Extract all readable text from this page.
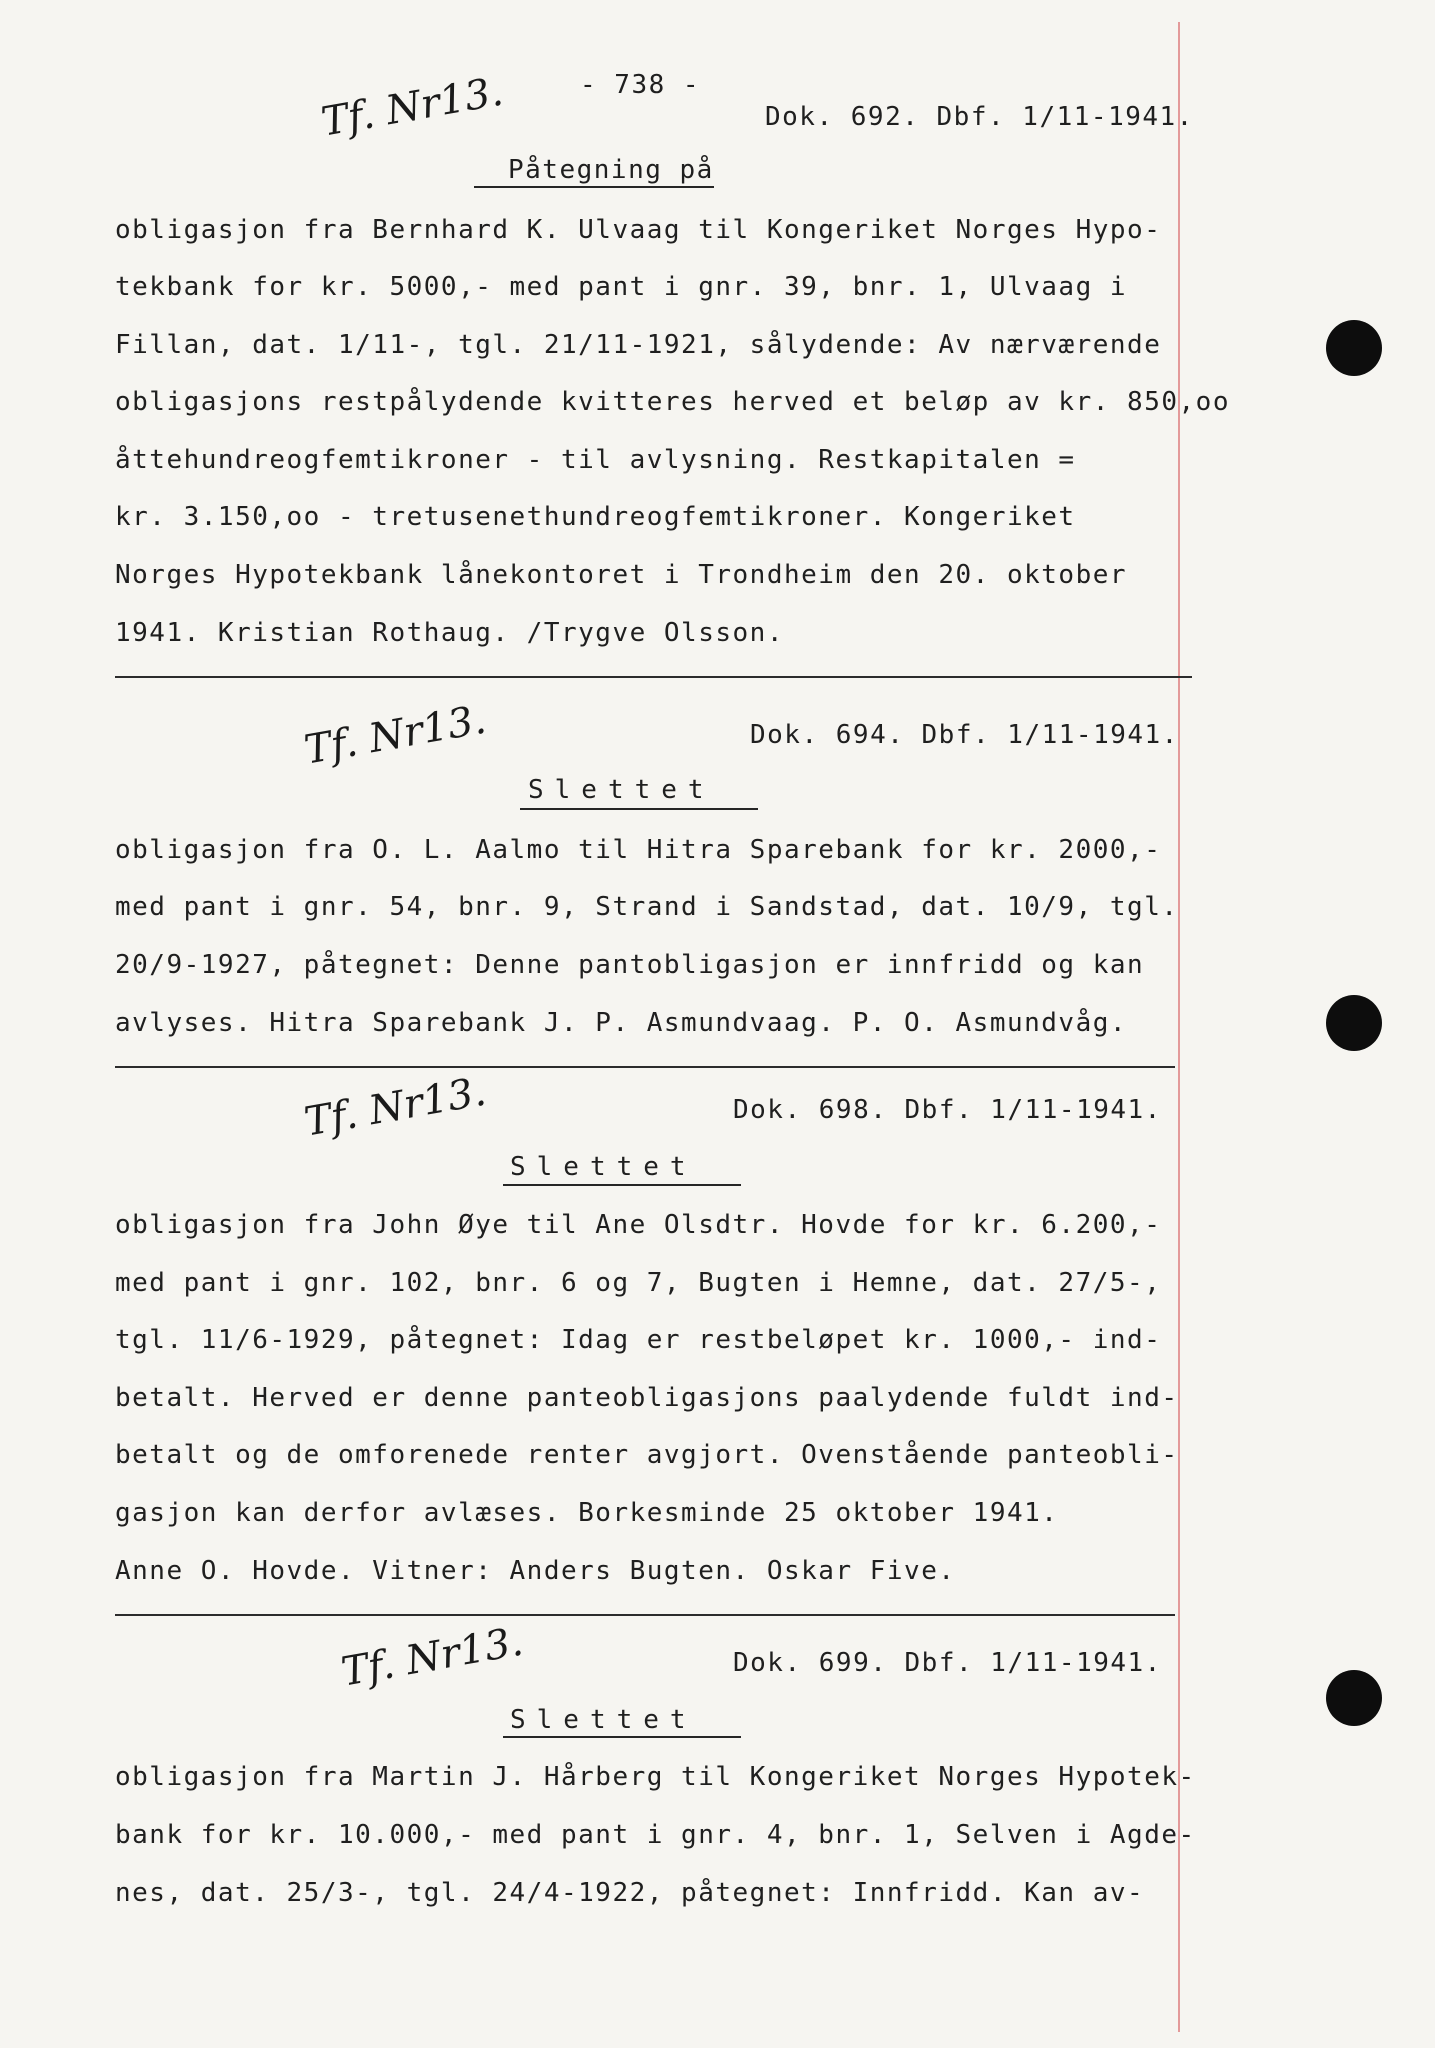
- 738 -
Tf. Nr13.	Dok. 692. Dbf. 1/11-1941.
Påtegning på
obligasjon fra Bernhard K. Ulvaag til Kongeriket Norges Hypo-
tekbank for kr. 5000,- med pant i gnr. 39, bnr. 1, Ulvaag i
Fillan, dat. 1/11-, tgl. 21/11-1921, sålydende: Av nærværende
obligasjons restpålydende kvitteres herved et beløp av kr. 850,oo
åttehundreogfemtikroner - til avlysning. Restkapitalen =
kr. 3.150,oo - tretusenethundreogfemtikroner. Kongeriket
Norges Hypotekbank lånekontoret i Trondheim den 20. oktober
1941. Kristian Rothaug. /Trygve Olsson.
Tf. Nr13.	Dok. 694. Dbf. 1/11-1941.
Slettet
obligasjon fra O. L. Aalmo til Hitra Sparebank for kr. 2000,-
med pant i gnr. 54, bnr. 9, Strand i Sandstad, dat. 10/9, tgl.
20/9-1927, påtegnet: Denne pantobligasjon er innfridd og kan
avlyses. Hitra Sparebank J. P. Asmundvaag. P. O. Asmundvåg.
Tf. Nr13.	Dok. 698. Dbf. 1/11-1941.
Slettet
obligasjon fra John Øye til Ane Olsdtr. Hovde for kr. 6.200,-
med pant i gnr. 102, bnr. 6 og 7, Bugten i Hemne, dat. 27/5-,
tgl. 11/6-1929, påtegnet: Idag er restbeløpet kr. 1000,- ind-
betalt. Herved er denne panteobligasjons paalydende fuldt ind-
betalt og de omforenede renter avgjort. Ovenstående panteobli-
gasjon kan derfor avlæses. Borkesminde 25 oktober 1941.
Anne O. Hovde. Vitner: Anders Bugten. Oskar Five.
Tf. Nr13.	Dok. 699. Dbf. 1/11-1941.
Slettet
obligasjon fra Martin J. Hårberg til Kongeriket Norges Hypotek-
bank for kr. 10.000,- med pant i gnr. 4, bnr. 1, Selven i Agde-
nes, dat. 25/3-, tgl. 24/4-1922, påtegnet: Innfridd. Kan av-
